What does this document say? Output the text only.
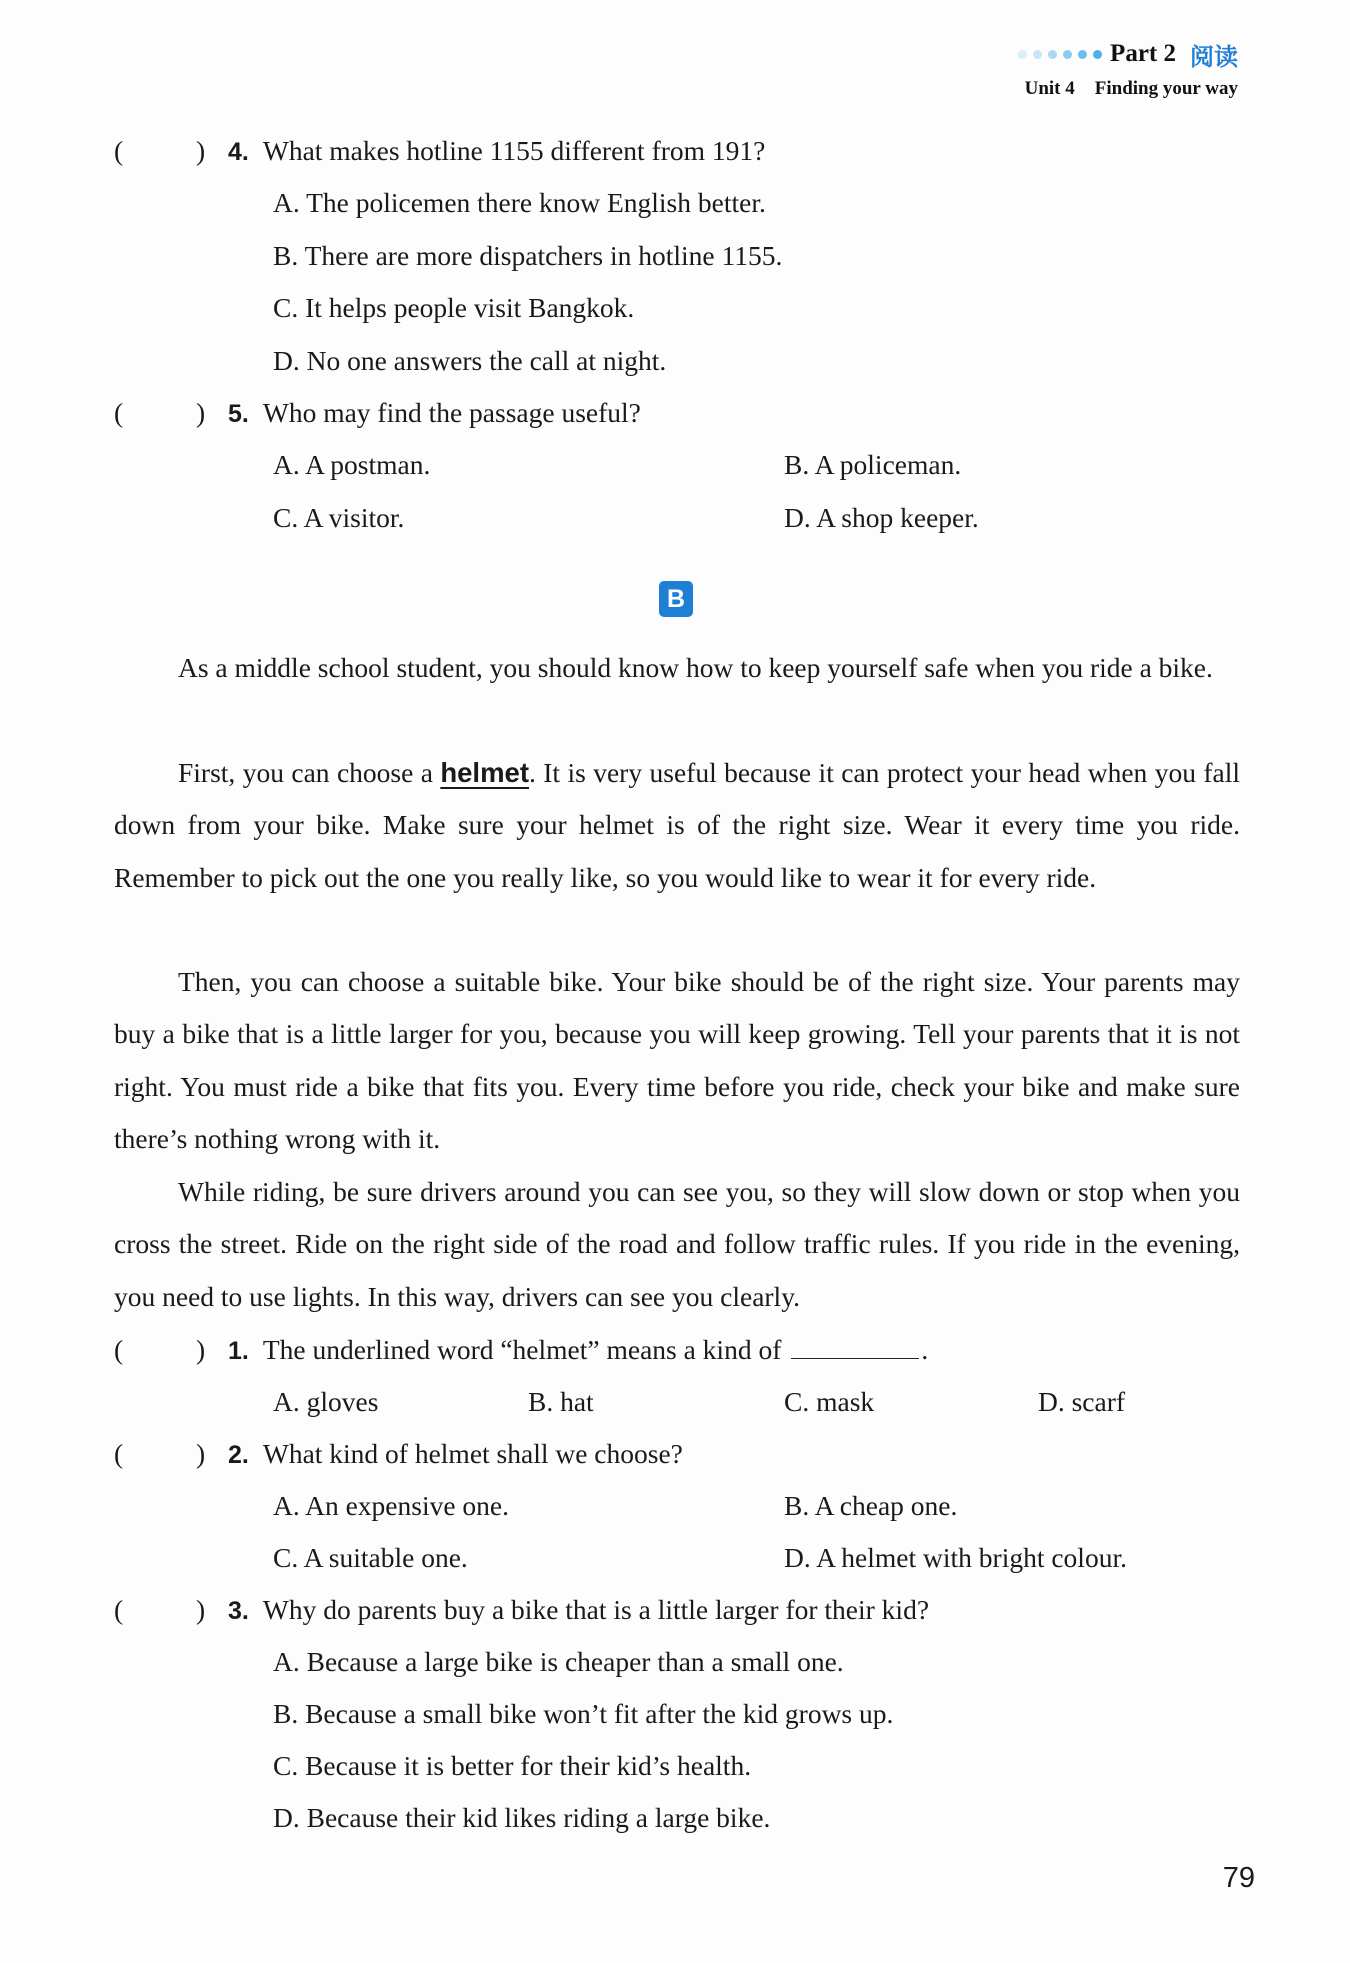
Part 2 阅读
Unit 4 Finding your way
(	) 4. What makes hotline 1155 different from 191?
A. The policemen there know English better.
B. There are more dispatchers in hotline 1155.
C. It helps people visit Bangkok.
D. No one answers the call at night.
(	) 5. Who may find the passage useful?
A. A postman.	B. A policeman.
C. A visitor.	D. A shop keeper.
B
As a middle school student, you should know how to keep yourself safe when you ride a bike.
First, you can choose a helmet. It is very useful because it can protect your head when you fall down from your bike. Make sure your helmet is of the right size. Wear it every time you ride. Remember to pick out the one you really like, so you would like to wear it for every ride.
Then, you can choose a suitable bike. Your bike should be of the right size. Your parents may buy a bike that is a little larger for you, because you will keep growing. Tell your parents that it is not right. You must ride a bike that fits you. Every time before you ride, check your bike and make sure there’s nothing wrong with it.
While riding, be sure drivers around you can see you, so they will slow down or stop when you cross the street. Ride on the right side of the road and follow traffic rules. If you ride in the evening, you need to use lights. In this way, drivers can see you clearly.
(	) 1. The underlined word “helmet” means a kind of	.
A. gloves	B. hat	C. mask	D. scarf
(	) 2. What kind of helmet shall we choose?
A. An expensive one.	B. A cheap one.
C. A suitable one.	D. A helmet with bright colour.
(	) 3. Why do parents buy a bike that is a little larger for their kid?
A. Because a large bike is cheaper than a small one.
B. Because a small bike won’t fit after the kid grows up.
C. Because it is better for their kid’s health.
D. Because their kid likes riding a large bike.
79
